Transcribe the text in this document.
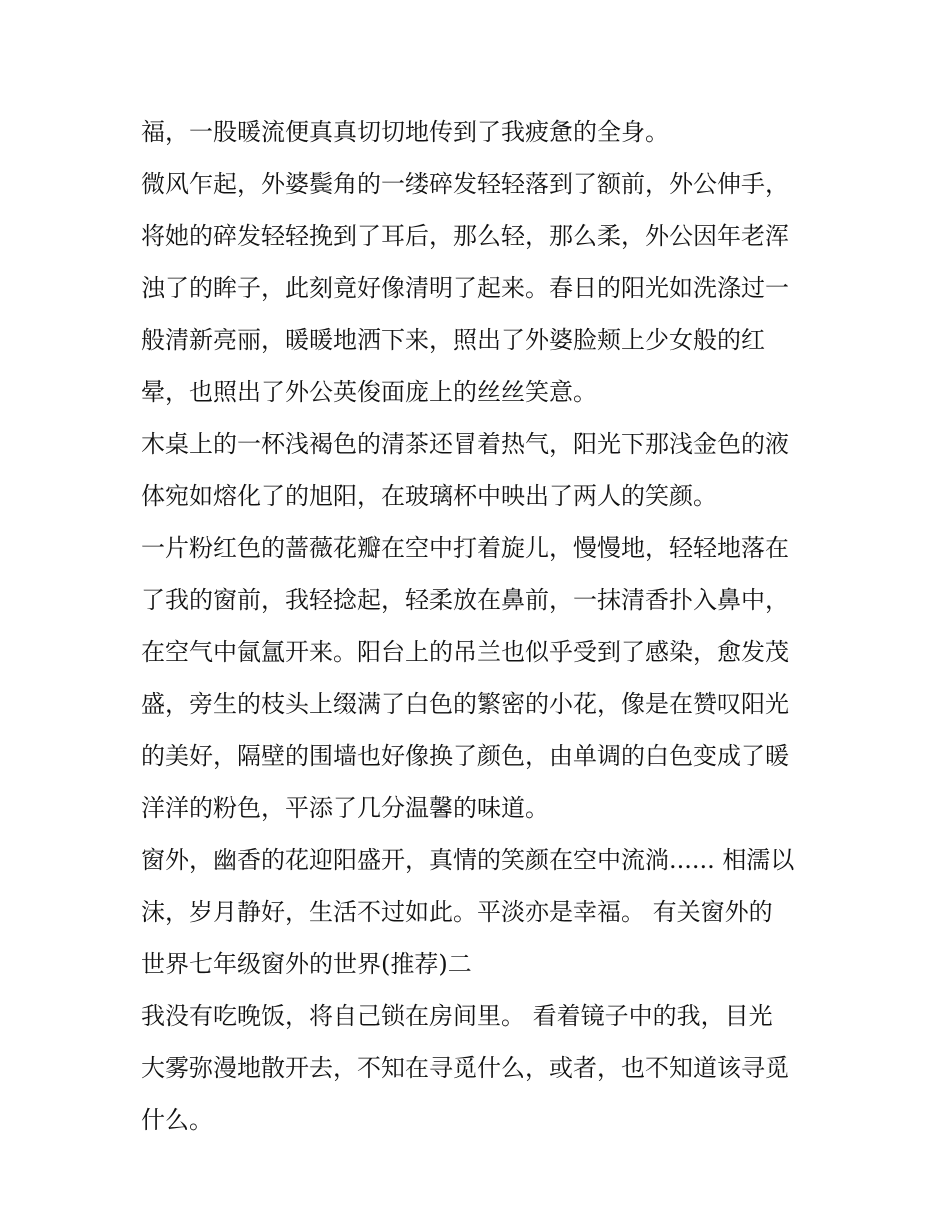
福，一股暖流便真真切切地传到了我疲惫的全身。
微风乍起，外婆鬓角的一缕碎发轻轻落到了额前，外公伸手，
将她的碎发轻轻挽到了耳后，那么轻，那么柔，外公因年老浑
浊了的眸子，此刻竟好像清明了起来。春日的阳光如洗涤过一
般清新亮丽，暖暖地洒下来，照出了外婆脸颊上少女般的红
晕，也照出了外公英俊面庞上的丝丝笑意。
木桌上的一杯浅褐色的清茶还冒着热气，阳光下那浅金色的液
体宛如熔化了的旭阳，在玻璃杯中映出了两人的笑颜。
一片粉红色的蔷薇花瓣在空中打着旋儿，慢慢地，轻轻地落在
了我的窗前，我轻捻起，轻柔放在鼻前，一抹清香扑入鼻中，
在空气中氤氲开来。阳台上的吊兰也似乎受到了感染，愈发茂
盛，旁生的枝头上缀满了白色的繁密的小花，像是在赞叹阳光
的美好，隔壁的围墙也好像换了颜色，由单调的白色变成了暖
洋洋的粉色，平添了几分温馨的味道。
窗外，幽香的花迎阳盛开，真情的笑颜在空中流淌...... 相濡以
沫，岁月静好，生活不过如此。平淡亦是幸福。 有关窗外的
世界七年级窗外的世界(推荐)二
我没有吃晚饭，将自己锁在房间里。 看着镜子中的我，目光
大雾弥漫地散开去，不知在寻觅什么，或者，也不知道该寻觅
什么。
